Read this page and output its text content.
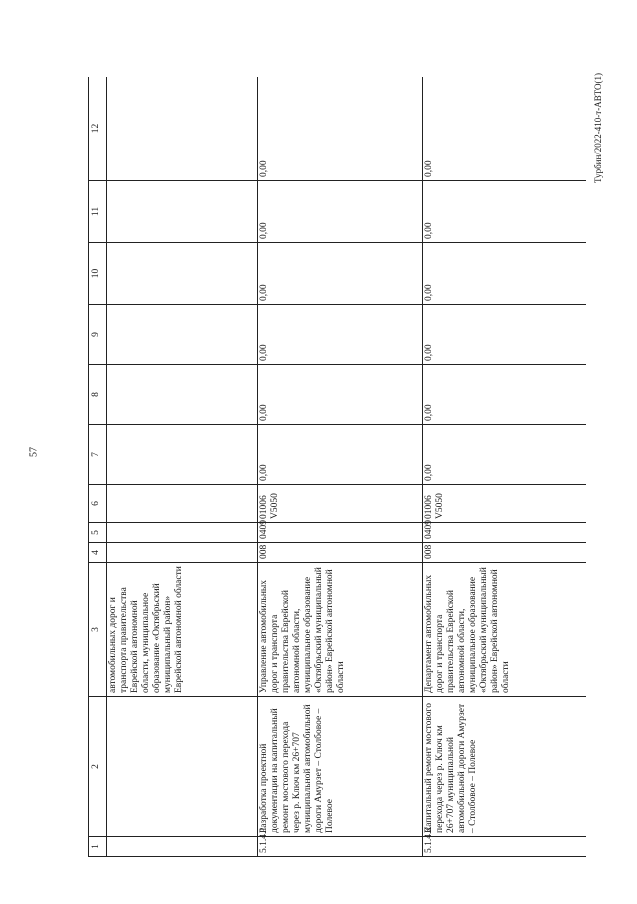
57
Турбин/2022-410-т-АВТО(1)
1	2	3	4	5	6	7	8	9	10	11	12
		автомобильных дорог и транспорта правительства Еврейской автономной области, муниципальное образование «Октябрьский муниципальный район» Еврейской автономной области									
5.1.4.1	Разработка проектной документации на капитальный ремонт мостового перехода через р. Ключ км 26+707 муниципальной автомобильной дороги Амурзет – Столбовое – Полевое	Управление автомобильных дорог и транспорта правительства Еврейской автономной области, муниципальное образование «Октябрьский муниципальный район» Еврейской автономной области	008	0409	01006 V5050	0,00	0,00	0,00	0,00	0,00	0,00
5.1.4.2	Капитальный ремонт мостового перехода через р. Ключ км 26+707 муниципальной автомобильной дороги Амурзет – Столбовое – Полевое	Департамент автомобильных дорог и транспорта правительства Еврейской автономной области, муниципальное образование «Октябрьский муниципальный район» Еврейской автономной области	008	0409	01006 V5050	0,00	0,00	0,00	0,00	0,00	0,00
